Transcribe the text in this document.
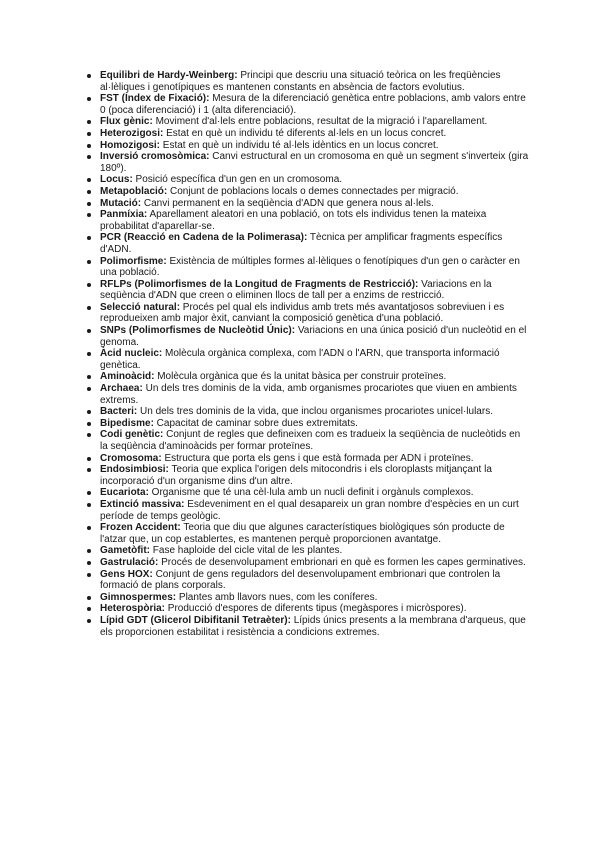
Equilibri de Hardy-Weinberg: Principi que descriu una situació teòrica on les freqüències al·lèliques i genotípiques es mantenen constants en absència de factors evolutius.
FST (Índex de Fixació): Mesura de la diferenciació genètica entre poblacions, amb valors entre 0 (poca diferenciació) i 1 (alta diferenciació).
Flux gènic: Moviment d'al·lels entre poblacions, resultat de la migració i l'aparellament.
Heterozigosi: Estat en què un individu té diferents al·lels en un locus concret.
Homozigosi: Estat en què un individu té al·lels idèntics en un locus concret.
Inversió cromosòmica: Canvi estructural en un cromosoma en què un segment s'inverteix (gira 180º).
Locus: Posició específica d'un gen en un cromosoma.
Metapoblació: Conjunt de poblacions locals o demes connectades per migració.
Mutació: Canvi permanent en la seqüència d'ADN que genera nous al·lels.
Panmíxia: Aparellament aleatori en una població, on tots els individus tenen la mateixa probabilitat d'aparellar-se.
PCR (Reacció en Cadena de la Polimerasa): Tècnica per amplificar fragments específics d'ADN.
Polimorfisme: Existència de múltiples formes al·lèliques o fenotípiques d'un gen o caràcter en una població.
RFLPs (Polimorfismes de la Longitud de Fragments de Restricció): Variacions en la seqüència d'ADN que creen o eliminen llocs de tall per a enzims de restricció.
Selecció natural: Procés pel qual els individus amb trets més avantatjosos sobreviuen i es reprodueixen amb major èxit, canviant la composició genètica d'una població.
SNPs (Polimorfismes de Nucleòtid Únic): Variacions en una única posició d'un nucleòtid en el genoma.
Àcid nucleic: Molècula orgànica complexa, com l'ADN o l'ARN, que transporta informació genètica.
Aminoàcid: Molècula orgànica que és la unitat bàsica per construir proteïnes.
Archaea: Un dels tres dominis de la vida, amb organismes procariotes que viuen en ambients extrems.
Bacteri: Un dels tres dominis de la vida, que inclou organismes procariotes unicel·lulars.
Bipedisme: Capacitat de caminar sobre dues extremitats.
Codi genètic: Conjunt de regles que defineixen com es tradueix la seqüència de nucleòtids en la seqüència d'aminoàcids per formar proteïnes.
Cromosoma: Estructura que porta els gens i que està formada per ADN i proteïnes.
Endosimbiosi: Teoria que explica l'origen dels mitocondris i els cloroplasts mitjançant la incorporació d'un organisme dins d'un altre.
Eucariota: Organisme que té una cèl·lula amb un nucli definit i orgànuls complexos.
Extinció massiva: Esdeveniment en el qual desapareix un gran nombre d'espècies en un curt període de temps geològic.
Frozen Accident: Teoria que diu que algunes característiques biològiques són producte de l'atzar que, un cop establertes, es mantenen perquè proporcionen avantatge.
Gametòfit: Fase haploide del cicle vital de les plantes.
Gastrulació: Procés de desenvolupament embrionari en què es formen les capes germinatives.
Gens HOX: Conjunt de gens reguladors del desenvolupament embrionari que controlen la formació de plans corporals.
Gimnospermes: Plantes amb llavors nues, com les coníferes.
Heterospòria: Producció d'espores de diferents tipus (megàspores i micròspores).
Lípid GDT (Glicerol Dibifitanil Tetraèter): Lípids únics presents a la membrana d'arqueus, que els proporcionen estabilitat i resistència a condicions extremes.
